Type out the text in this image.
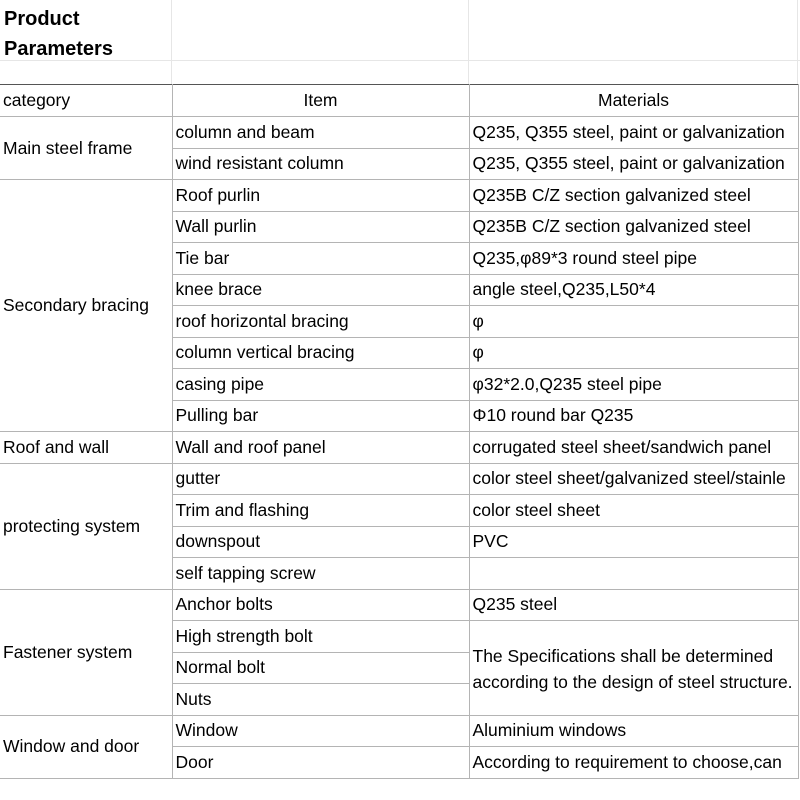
Product
Parameters
category	Item	Materials	
Main steel frame	column and beam	Q235, Q355 steel, paint or galvanization	
	wind resistant column	Q235, Q355 steel, paint or galvanization	
Secondary bracing	Roof purlin	Q235B C/Z section galvanized steel	
	Wall purlin	Q235B C/Z section galvanized steel	
	Tie bar	Q235,φ89*3 round steel pipe	
	knee brace	angle steel,Q235,L50*4	
	roof horizontal bracing	φ	
	column vertical bracing	φ	
	casing pipe	φ32*2.0,Q235 steel pipe	
	Pulling bar	Φ10 round bar Q235	
Roof and wall	Wall and roof panel	corrugated steel sheet/sandwich panel	
protecting system	gutter	color steel sheet/galvanized steel/stainle	
	Trim and flashing	color steel sheet	
	downspout	PVC	
	self tapping screw		
Fastener system	Anchor bolts	Q235 steel	
	High strength bolt	The Specifications shall be determined according to the design of steel structure.	
	Normal bolt		
	Nuts		
Window and door	Window	Aluminium windows	
	Door	According to requirement to choose,can	
